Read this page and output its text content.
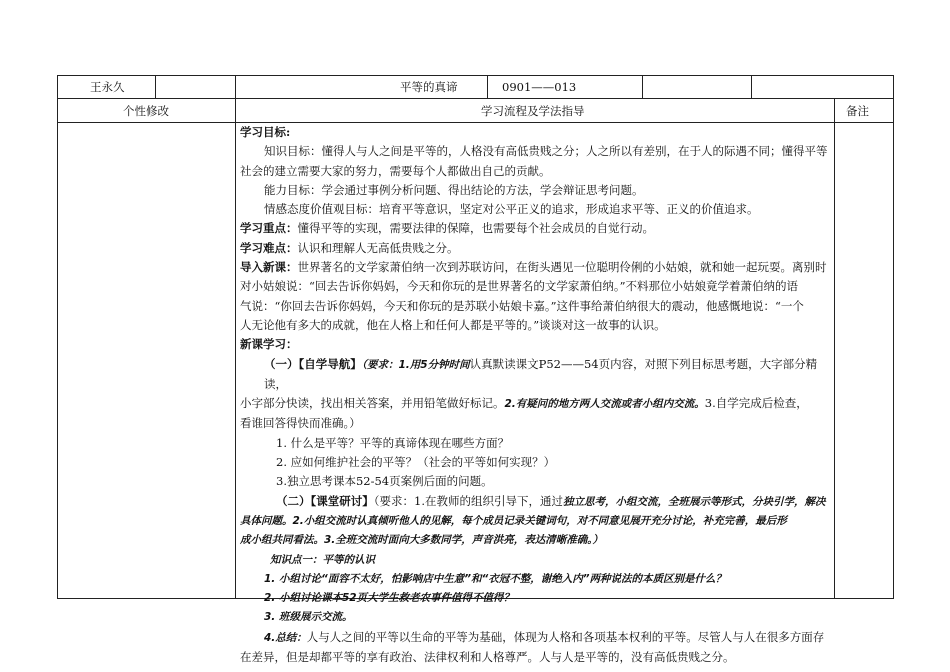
王永久	平等的真谛	0901——013
个性修改	学习流程及学法指导	备注

学习目标:

知识目标：懂得人与人之间是平等的，人格没有高低贵贱之分；人之所以有差别，在于人的际遇不同；懂得平等

社会的建立需要大家的努力，需要每个人都做出自己的贡献。

能力目标：学会通过事例分析问题、得出结论的方法，学会辩证思考问题。

情感态度价值观目标：培育平等意识，坚定对公平正义的追求，形成追求平等、正义的价值追求。

学习重点：懂得平等的实现，需要法律的保障，也需要每个社会成员的自觉行动。

学习难点：认识和理解人无高低贵贱之分。

导入新课：世界著名的文学家萧伯纳一次到苏联访问，在街头遇见一位聪明伶俐的小姑娘，就和她一起玩耍。离别时

对小姑娘说：“回去告诉你妈妈，今天和你玩的是世界著名的文学家萧伯纳。”不料那位小姑娘竟学着萧伯纳的语

气说：“你回去告诉你妈妈，今天和你玩的是苏联小姑娘卡嘉。”这件事给萧伯纳很大的震动，他感慨地说：“一个

人无论他有多大的成就，他在人格上和任何人都是平等的。”谈谈对这一故事的认识。

新课学习：

（一）【自学导航】（要求：1.用5分钟时间认真默读课文P52——54页内容，对照下列目标思考题，大字部分精读，

小字部分快读，找出相关答案，并用铅笔做好标记。2.有疑问的地方两人交流或者小组内交流。3.自学完成后检查，

看谁回答得快而准确。）

1. 什么是平等？平等的真谛体现在哪些方面？

2. 应如何维护社会的平等？（社会的平等如何实现？）

3.独立思考课本52-54页案例后面的问题。

（二）【课堂研讨】（要求：1.在教师的组织引导下，通过独立思考，小组交流，全班展示等形式，分块引学，解决

具体问题。2.小组交流时认真倾听他人的见解，每个成员记录关键词句，对不同意见展开充分讨论，补充完善，最后形

成小组共同看法。3.全班交流时面向大多数同学，声音洪亮，表达清晰准确。）

知识点一：平等的认识

1. 小组讨论“面容不太好，怕影响店中生意”和“衣冠不整，谢绝入内”两种说法的本质区别是什么？

2. 小组讨论课本52页大学生救老农事件值得不值得？

3. 班级展示交流。

4.总结：人与人之间的平等以生命的平等为基础，体现为人格和各项基本权利的平等。尽管人与人在很多方面存

在差异，但是却都平等的享有政治、法律权利和人格尊严。人与人是平等的，没有高低贵贱之分。
